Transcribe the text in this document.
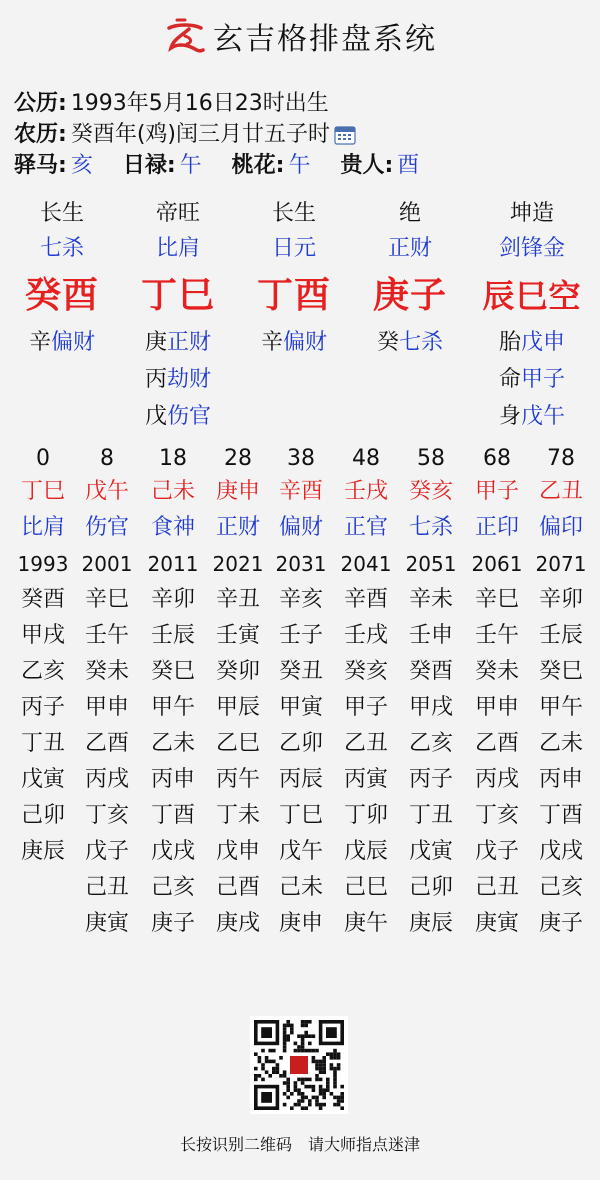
玄吉格排盘系统
公历: 1993年5月16日23时出生
农历: 癸酉年(鸡)闰三月廿五子时
驿马: 亥 日禄: 午 桃花: 午 贵人: 酉
长生
七杀
癸酉
辛偏财
帝旺
比肩
丁巳
庚正财
丙劫财
戊伤官
长生
日元
丁酉
辛偏财
绝
正财
庚子
癸七杀
坤造
剑锋金
辰巳空
胎戊申
命甲子
身戊午
0
丁巳
比肩
1993
癸酉
甲戌
乙亥
丙子
丁丑
戊寅
己卯
庚辰
8
戊午
伤官
2001
辛巳
壬午
癸未
甲申
乙酉
丙戌
丁亥
戊子
己丑
庚寅
18
己未
食神
2011
辛卯
壬辰
癸巳
甲午
乙未
丙申
丁酉
戊戌
己亥
庚子
28
庚申
正财
2021
辛丑
壬寅
癸卯
甲辰
乙巳
丙午
丁未
戊申
己酉
庚戌
38
辛酉
偏财
2031
辛亥
壬子
癸丑
甲寅
乙卯
丙辰
丁巳
戊午
己未
庚申
48
壬戌
正官
2041
辛酉
壬戌
癸亥
甲子
乙丑
丙寅
丁卯
戊辰
己巳
庚午
58
癸亥
七杀
2051
辛未
壬申
癸酉
甲戌
乙亥
丙子
丁丑
戊寅
己卯
庚辰
68
甲子
正印
2061
辛巳
壬午
癸未
甲申
乙酉
丙戌
丁亥
戊子
己丑
庚寅
78
乙丑
偏印
2071
辛卯
壬辰
癸巳
甲午
乙未
丙申
丁酉
戊戌
己亥
庚子
长按识别二维码　请大师指点迷津
